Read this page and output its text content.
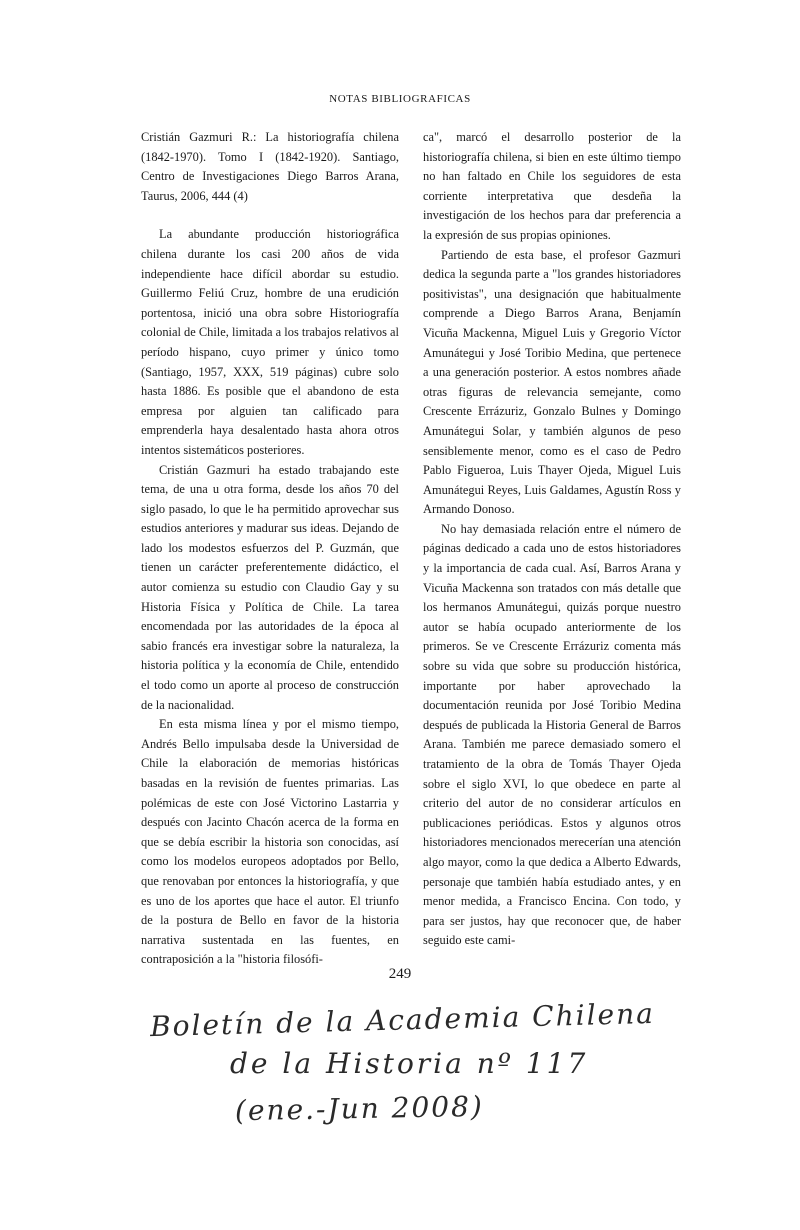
NOTAS BIBLIOGRAFICAS

Cristián Gazmuri R.: La historiografía chilena (1842-1970). Tomo I (1842-1920). Santiago, Centro de Investigaciones Diego Barros Arana, Taurus, 2006, 444 (4)

La abundante producción historiográfica chilena durante los casi 200 años de vida independiente hace difícil abordar su estudio. Guillermo Feliú Cruz, hombre de una erudición portentosa, inició una obra sobre Historiografía colonial de Chile, limitada a los trabajos relativos al período hispano, cuyo primer y único tomo (Santiago, 1957, XXX, 519 páginas) cubre solo hasta 1886. Es posible que el abandono de esta empresa por alguien tan calificado para emprenderla haya desalentado hasta ahora otros intentos sistemáticos posteriores.

Cristián Gazmuri ha estado trabajando este tema, de una u otra forma, desde los años 70 del siglo pasado, lo que le ha permitido aprovechar sus estudios anteriores y madurar sus ideas. Dejando de lado los modestos esfuerzos del P. Guzmán, que tienen un carácter preferentemente didáctico, el autor comienza su estudio con Claudio Gay y su Historia Física y Política de Chile. La tarea encomendada por las autoridades de la época al sabio francés era investigar sobre la naturaleza, la historia política y la economía de Chile, entendido el todo como un aporte al proceso de construcción de la nacionalidad.

En esta misma línea y por el mismo tiempo, Andrés Bello impulsaba desde la Universidad de Chile la elaboración de memorias históricas basadas en la revisión de fuentes primarias. Las polémicas de este con José Victorino Lastarria y después con Jacinto Chacón acerca de la forma en que se debía escribir la historia son conocidas, así como los modelos europeos adoptados por Bello, que renovaban por entonces la historiografía, y que es uno de los aportes que hace el autor. El triunfo de la postura de Bello en favor de la historia narrativa sustentada en las fuentes, en contraposición a la "historia filosófi-

ca", marcó el desarrollo posterior de la historiografía chilena, si bien en este último tiempo no han faltado en Chile los seguidores de esta corriente interpretativa que desdeña la investigación de los hechos para dar preferencia a la expresión de sus propias opiniones.

Partiendo de esta base, el profesor Gazmuri dedica la segunda parte a "los grandes historiadores positivistas", una designación que habitualmente comprende a Diego Barros Arana, Benjamín Vicuña Mackenna, Miguel Luis y Gregorio Víctor Amunátegui y José Toribio Medina, que pertenece a una generación posterior. A estos nombres añade otras figuras de relevancia semejante, como Crescente Errázuriz, Gonzalo Bulnes y Domingo Amunátegui Solar, y también algunos de peso sensiblemente menor, como es el caso de Pedro Pablo Figueroa, Luis Thayer Ojeda, Miguel Luis Amunátegui Reyes, Luis Galdames, Agustín Ross y Armando Donoso.

No hay demasiada relación entre el número de páginas dedicado a cada uno de estos historiadores y la importancia de cada cual. Así, Barros Arana y Vicuña Mackenna son tratados con más detalle que los hermanos Amunátegui, quizás porque nuestro autor se había ocupado anteriormente de los primeros. Se ve Crescente Errázuriz comenta más sobre su vida que sobre su producción histórica, importante por haber aprovechado la documentación reunida por José Toribio Medina después de publicada la Historia General de Barros Arana. También me parece demasiado somero el tratamiento de la obra de Tomás Thayer Ojeda sobre el siglo XVI, lo que obedece en parte al criterio del autor de no considerar artículos en publicaciones periódicas. Estos y algunos otros historiadores mencionados merecerían una atención algo mayor, como la que dedica a Alberto Edwards, personaje que también había estudiado antes, y en menor medida, a Francisco Encina. Con todo, y para ser justos, hay que reconocer que, de haber seguido este cami-

249
Boletín de la Academia Chilena
de la Historia nº 117
(ene.-Jun 2008)
